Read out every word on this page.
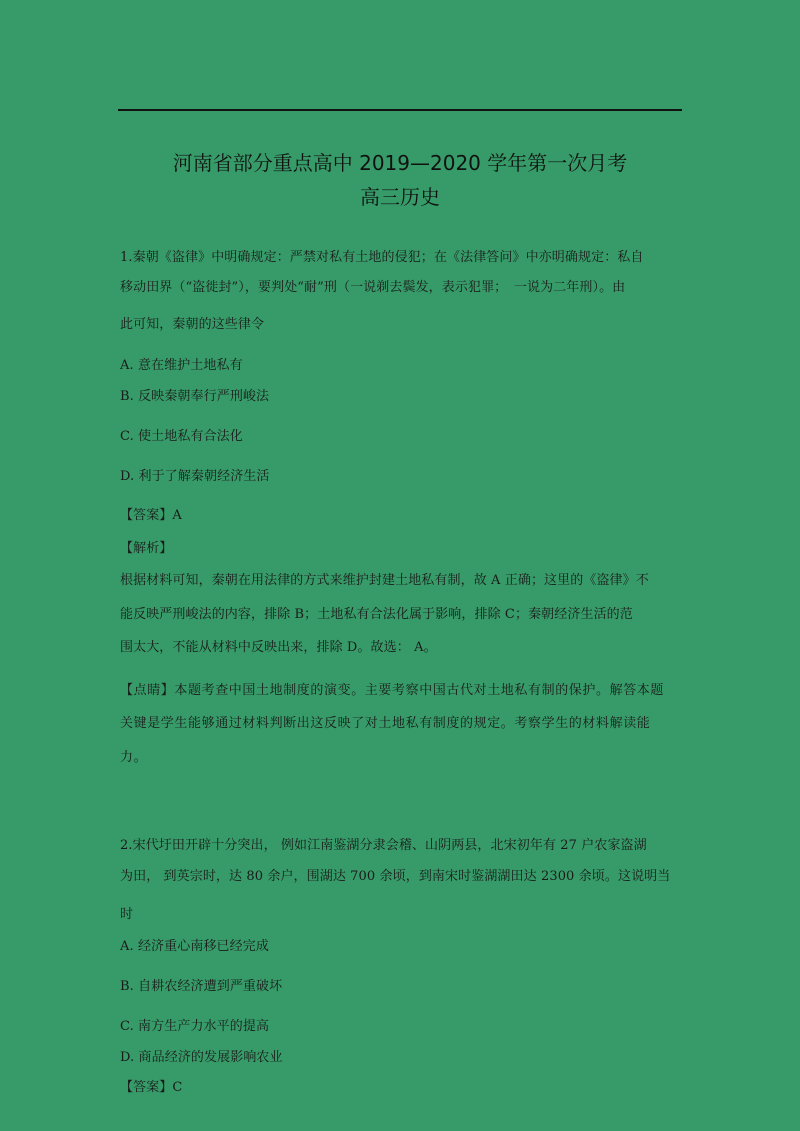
河南省部分重点高中 2019—2020 学年第一次月考
高三历史
1.秦朝《盗律》中明确规定：严禁对私有土地的侵犯；在《法律答问》中亦明确规定：私自
移动田界（“盗徙封”），要判处“耐”刑（一说剃去鬓发，表示犯罪；　一说为二年刑）。由
此可知，秦朝的这些律令
A. 意在维护土地私有
B. 反映秦朝奉行严刑峻法
C. 使土地私有合法化
D. 利于了解秦朝经济生活
【答案】A
【解析】
根据材料可知，秦朝在用法律的方式来维护封建土地私有制，故 A 正确；这里的《盗律》不
能反映严刑峻法的内容，排除 B；土地私有合法化属于影响，排除 C；秦朝经济生活的范
围太大，不能从材料中反映出来，排除 D。故选： A。
【点睛】本题考查中国土地制度的演变。主要考察中国古代对土地私有制的保护。解答本题
关键是学生能够通过材料判断出这反映了对土地私有制度的规定。考察学生的材料解读能
力。
2.宋代圩田开辟十分突出， 例如江南鉴湖分隶会稽、山阴两县，北宋初年有 27 户农家盗湖
为田， 到英宗时，达 80 余户，围湖达 700 余顷，到南宋时鉴湖湖田达 2300 余顷。这说明当
时
A. 经济重心南移已经完成
B. 自耕农经济遭到严重破坏
C. 南方生产力水平的提高
D. 商品经济的发展影响农业
【答案】C
